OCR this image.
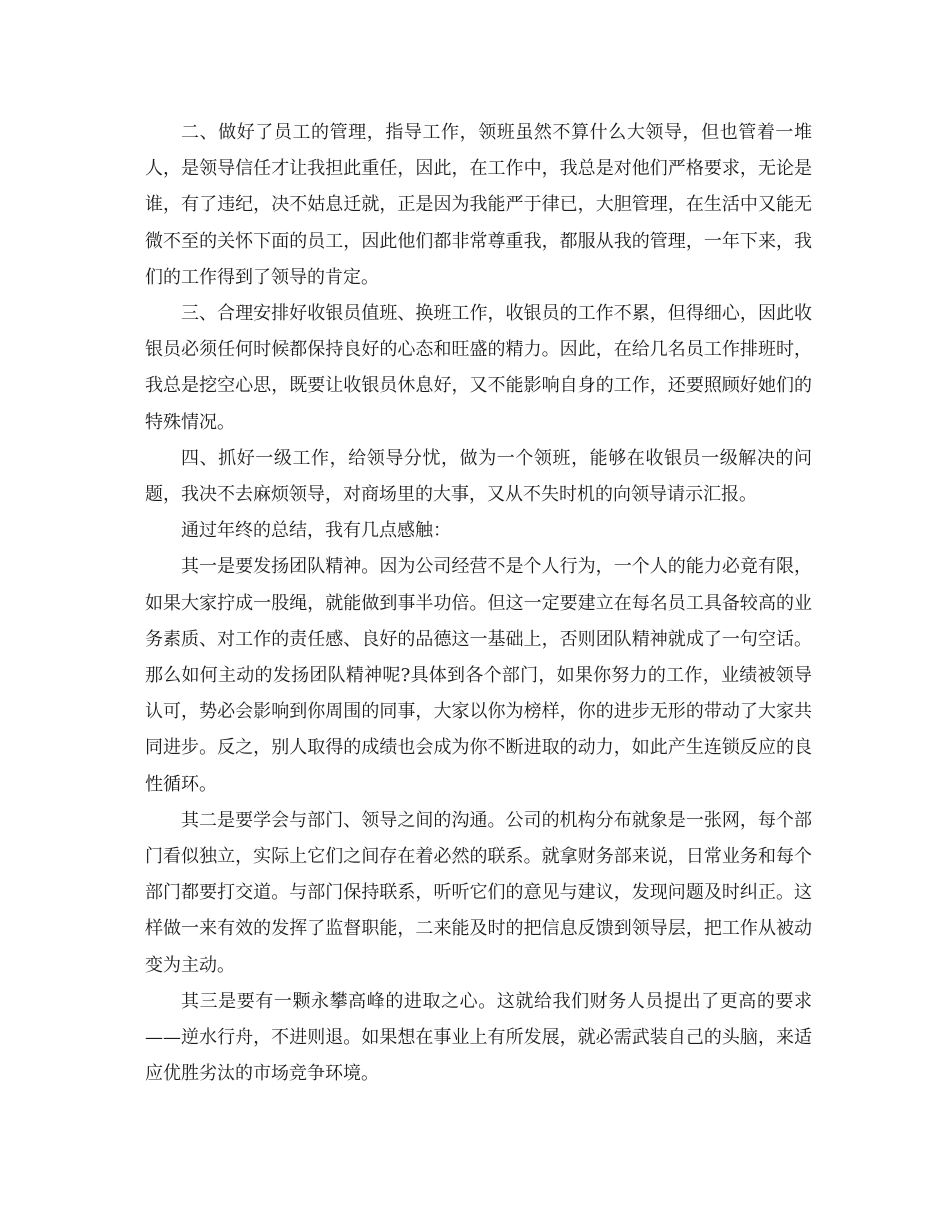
二、做好了员工的管理，指导工作，领班虽然不算什么大领导，但也管着一堆人，是领导信任才让我担此重任，因此，在工作中，我总是对他们严格要求，无论是谁，有了违纪，决不姑息迁就，正是因为我能严于律已，大胆管理，在生活中又能无微不至的关怀下面的员工，因此他们都非常尊重我，都服从我的管理，一年下来，我们的工作得到了领导的肯定。

三、合理安排好收银员值班、换班工作，收银员的工作不累，但得细心，因此收银员必须任何时候都保持良好的心态和旺盛的精力。因此，在给几名员工作排班时，我总是挖空心思，既要让收银员休息好，又不能影响自身的工作，还要照顾好她们的特殊情况。

四、抓好一级工作，给领导分忧，做为一个领班，能够在收银员一级解决的问题，我决不去麻烦领导，对商场里的大事，又从不失时机的向领导请示汇报。

通过年终的总结，我有几点感触：

其一是要发扬团队精神。因为公司经营不是个人行为，一个人的能力必竟有限，如果大家拧成一股绳，就能做到事半功倍。但这一定要建立在每名员工具备较高的业务素质、对工作的责任感、良好的品德这一基础上，否则团队精神就成了一句空话。那么如何主动的发扬团队精神呢?具体到各个部门，如果你努力的工作，业绩被领导认可，势必会影响到你周围的同事，大家以你为榜样，你的进步无形的带动了大家共同进步。反之，别人取得的成绩也会成为你不断进取的动力，如此产生连锁反应的良性循环。

其二是要学会与部门、领导之间的沟通。公司的机构分布就象是一张网，每个部门看似独立，实际上它们之间存在着必然的联系。就拿财务部来说，日常业务和每个部门都要打交道。与部门保持联系，听听它们的意见与建议，发现问题及时纠正。这样做一来有效的发挥了监督职能，二来能及时的把信息反馈到领导层，把工作从被动变为主动。

其三是要有一颗永攀高峰的进取之心。这就给我们财务人员提出了更高的要求——逆水行舟，不进则退。如果想在事业上有所发展，就必需武装自己的头脑，来适应优胜劣汰的市场竞争环境。
